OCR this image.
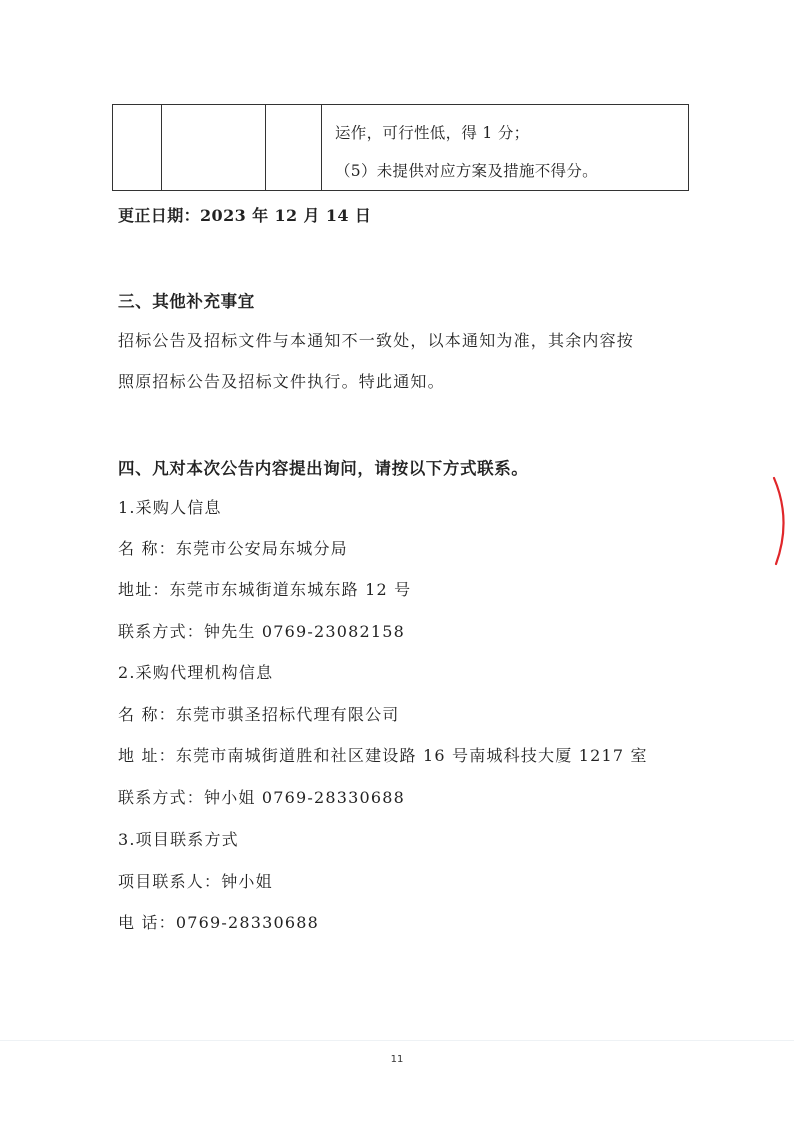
运作，可行性低，得 1 分；
（5）未提供对应方案及措施不得分。
更正日期：2023 年 12 月 14 日
三、其他补充事宜
招标公告及招标文件与本通知不一致处，以本通知为准，其余内容按
照原招标公告及招标文件执行。特此通知。
四、凡对本次公告内容提出询问，请按以下方式联系。
1.采购人信息
名 称：东莞市公安局东城分局
地址：东莞市东城街道东城东路 12 号
联系方式：钟先生 0769-23082158
2.采购代理机构信息
名 称：东莞市骐圣招标代理有限公司
地 址：东莞市南城街道胜和社区建设路 16 号南城科技大厦 1217 室
联系方式：钟小姐 0769-28330688
3.项目联系方式
项目联系人：钟小姐
电 话：0769-28330688
11
